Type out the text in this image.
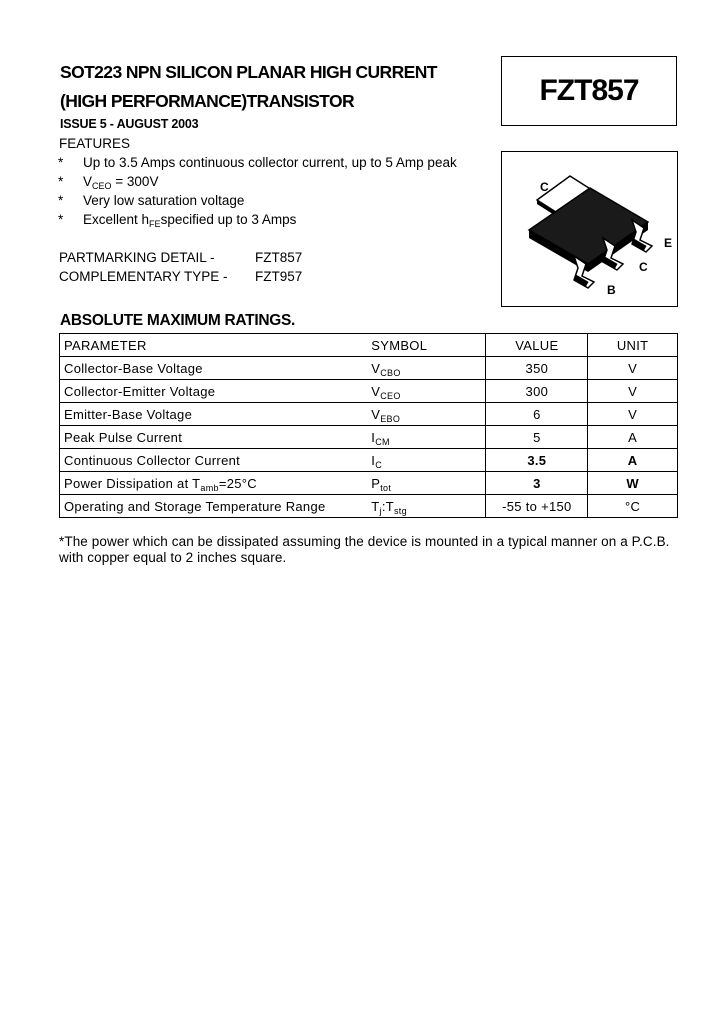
SOT223 NPN SILICON PLANAR HIGH CURRENT
(HIGH PERFORMANCE)TRANSISTOR	FZT857
ISSUE 5 - AUGUST 2003
FEATURES
* Up to 3.5 Amps continuous collector current, up to 5 Amp peak
* $V_{CEO} = 300V$
* Very low saturation voltage
* Excellent $h_{FE}specified$ up to 3 Amps
C
E
C
B
PARTMARKING DETAIL -	FZT857
COMPLEMENTARY TYPE - FZT957
ABSOLUTE MAXIMUM RATINGS.
PARAMETER	SYMBOL	VALUE	UNIT
Collector-Base Voltage	$V_{CBO}$	350	V
Collector-Emitter Voltage	$V_{CEO}$	300	V
Emitter-Base Voltage	$V_{EBO}$	6	V
Peak Pulse Current	$I_{CM}$	5	A
Continuous Collector Current	$I_C$	3.5	A
Power Dissipation at $T_{amb}=25^\circ C$	$P_{tot}$	3	W
Operating and Storage Temperature Range	$T_j:T_{stg}$	-55 to +150	°C
*The power which can be dissipated assuming the device is mounted in a typical manner on a P.C.B. with copper equal to 2 inches square.
